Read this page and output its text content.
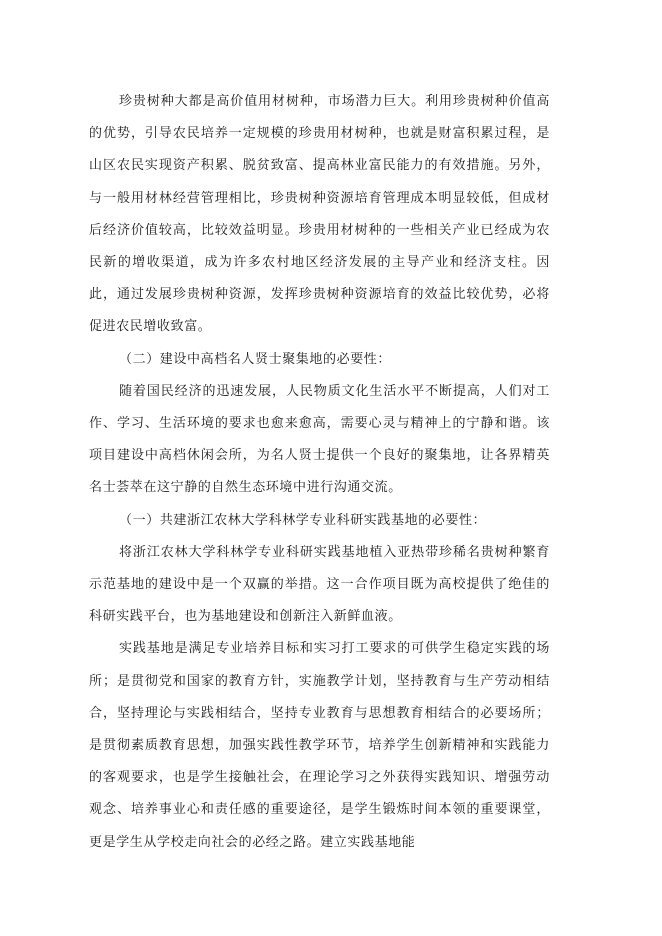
珍贵树种大都是高价值用材树种，市场潜力巨大。利用珍贵树种价值高的优势，引导农民培养一定规模的珍贵用材树种，也就是财富积累过程，是山区农民实现资产积累、脱贫致富、提高林业富民能力的有效措施。另外，与一般用材林经营管理相比，珍贵树种资源培育管理成本明显较低，但成材后经济价值较高，比较效益明显。珍贵用材树种的一些相关产业已经成为农民新的增收渠道，成为许多农村地区经济发展的主导产业和经济支柱。因此，通过发展珍贵树种资源，发挥珍贵树种资源培育的效益比较优势，必将促进农民增收致富。

（二）建设中高档名人贤士聚集地的必要性：

随着国民经济的迅速发展，人民物质文化生活水平不断提高，人们对工作、学习、生活环境的要求也愈来愈高，需要心灵与精神上的宁静和谐。该项目建设中高档休闲会所，为名人贤士提供一个良好的聚集地，让各界精英名士荟萃在这宁静的自然生态环境中进行沟通交流。

（一）共建浙江农林大学科林学专业科研实践基地的必要性：

将浙江农林大学科林学专业科研实践基地植入亚热带珍稀名贵树种繁育示范基地的建设中是一个双赢的举措。这一合作项目既为高校提供了绝佳的科研实践平台，也为基地建设和创新注入新鲜血液。

实践基地是满足专业培养目标和实习打工要求的可供学生稳定实践的场所；是贯彻党和国家的教育方针，实施教学计划，坚持教育与生产劳动相结合，坚持理论与实践相结合，坚持专业教育与思想教育相结合的必要场所；是贯彻素质教育思想，加强实践性教学环节，培养学生创新精神和实践能力的客观要求，也是学生接触社会，在理论学习之外获得实践知识、增强劳动观念、培养事业心和责任感的重要途径，是学生锻炼时间本领的重要课堂，更是学生从学校走向社会的必经之路。建立实践基地能
